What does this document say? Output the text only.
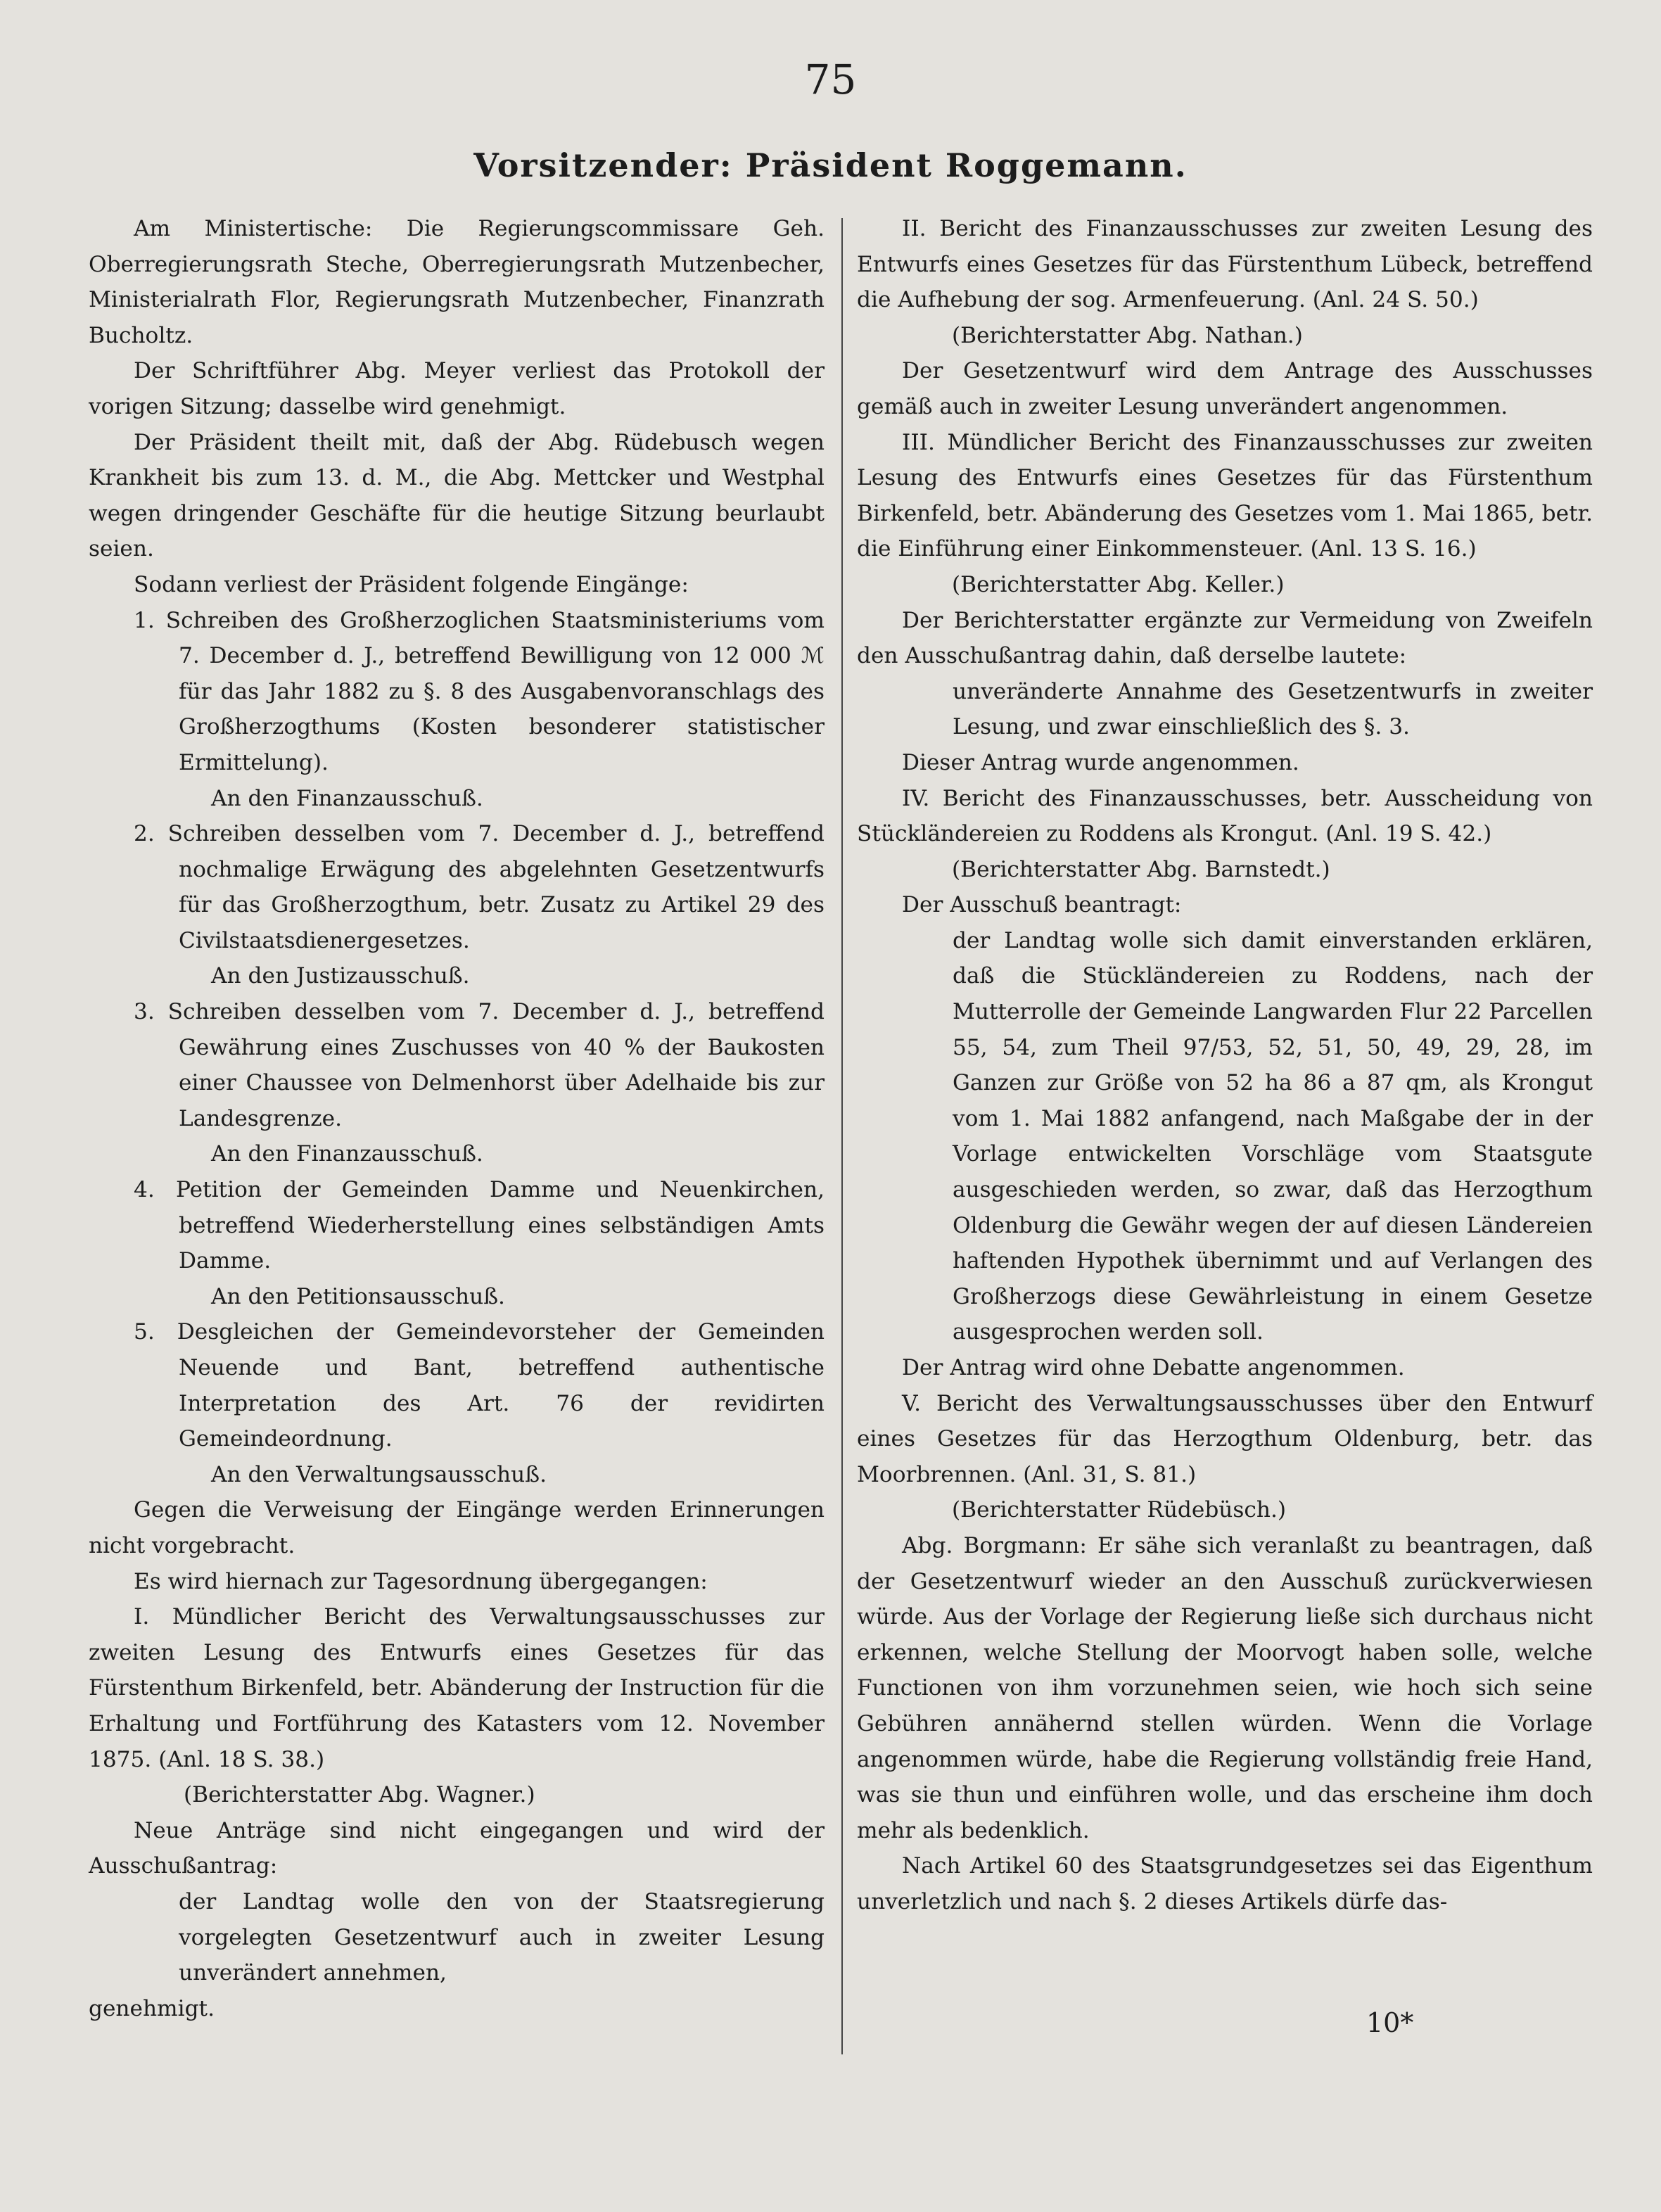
75
Vorsitzender: Präsident Roggemann.

Am Ministertische: Die Regierungscommissare Geh. Oberregierungsrath Steche, Oberregierungsrath Mutzenbecher, Ministerialrath Flor, Regierungsrath Mutzenbecher, Finanzrath Bucholtz.

Der Schriftführer Abg. Meyer verliest das Protokoll der vorigen Sitzung; dasselbe wird genehmigt.

Der Präsident theilt mit, daß der Abg. Rüdebusch wegen Krankheit bis zum 13. d. M., die Abg. Mettcker und Westphal wegen dringender Geschäfte für die heutige Sitzung beurlaubt seien.

Sodann verliest der Präsident folgende Eingänge:

1. Schreiben des Großherzoglichen Staatsministeriums vom 7. December d. J., betreffend Bewilligung von 12 000 ℳ für das Jahr 1882 zu §. 8 des Ausgabenvoranschlags des Großherzogthums (Kosten besonderer statistischer Ermittelung).

An den Finanzausschuß.

2. Schreiben desselben vom 7. December d. J., betreffend nochmalige Erwägung des abgelehnten Gesetzentwurfs für das Großherzogthum, betr. Zusatz zu Artikel 29 des Civilstaatsdienergesetzes.

An den Justizausschuß.

3. Schreiben desselben vom 7. December d. J., betreffend Gewährung eines Zuschusses von 40 % der Baukosten einer Chaussee von Delmenhorst über Adelhaide bis zur Landesgrenze.

An den Finanzausschuß.

4. Petition der Gemeinden Damme und Neuenkirchen, betreffend Wiederherstellung eines selbständigen Amts Damme.

An den Petitionsausschuß.

5. Desgleichen der Gemeindevorsteher der Gemeinden Neuende und Bant, betreffend authentische Interpretation des Art. 76 der revidirten Gemeindeordnung.

An den Verwaltungsausschuß.

Gegen die Verweisung der Eingänge werden Erinnerungen nicht vorgebracht.

Es wird hiernach zur Tagesordnung übergegangen:

I. Mündlicher Bericht des Verwaltungsausschusses zur zweiten Lesung des Entwurfs eines Gesetzes für das Fürstenthum Birkenfeld, betr. Abänderung der Instruction für die Erhaltung und Fortführung des Katasters vom 12. November 1875. (Anl. 18 S. 38.)

(Berichterstatter Abg. Wagner.)

Neue Anträge sind nicht eingegangen und wird der Ausschußantrag:

der Landtag wolle den von der Staatsregierung vorgelegten Gesetzentwurf auch in zweiter Lesung unverändert annehmen,

genehmigt.

II. Bericht des Finanzausschusses zur zweiten Lesung des Entwurfs eines Gesetzes für das Fürstenthum Lübeck, betreffend die Aufhebung der sog. Armenfeuerung. (Anl. 24 S. 50.)

(Berichterstatter Abg. Nathan.)

Der Gesetzentwurf wird dem Antrage des Ausschusses gemäß auch in zweiter Lesung unverändert angenommen.

III. Mündlicher Bericht des Finanzausschusses zur zweiten Lesung des Entwurfs eines Gesetzes für das Fürstenthum Birkenfeld, betr. Abänderung des Gesetzes vom 1. Mai 1865, betr. die Einführung einer Einkommensteuer. (Anl. 13 S. 16.)

(Berichterstatter Abg. Keller.)

Der Berichterstatter ergänzte zur Vermeidung von Zweifeln den Ausschußantrag dahin, daß derselbe lautete:

unveränderte Annahme des Gesetzentwurfs in zweiter Lesung, und zwar einschließlich des §. 3.

Dieser Antrag wurde angenommen.

IV. Bericht des Finanzausschusses, betr. Ausscheidung von Stückländereien zu Roddens als Krongut. (Anl. 19 S. 42.)

(Berichterstatter Abg. Barnstedt.)

Der Ausschuß beantragt:

der Landtag wolle sich damit einverstanden erklären, daß die Stückländereien zu Roddens, nach der Mutterrolle der Gemeinde Langwarden Flur 22 Parcellen 55, 54, zum Theil 97/53, 52, 51, 50, 49, 29, 28, im Ganzen zur Größe von 52 ha 86 a 87 qm, als Krongut vom 1. Mai 1882 anfangend, nach Maßgabe der in der Vorlage entwickelten Vorschläge vom Staatsgute ausgeschieden werden, so zwar, daß das Herzogthum Oldenburg die Gewähr wegen der auf diesen Ländereien haftenden Hypothek übernimmt und auf Verlangen des Großherzogs diese Gewährleistung in einem Gesetze ausgesprochen werden soll.

Der Antrag wird ohne Debatte angenommen.

V. Bericht des Verwaltungsausschusses über den Entwurf eines Gesetzes für das Herzogthum Oldenburg, betr. das Moorbrennen. (Anl. 31, S. 81.)

(Berichterstatter Rüdebüsch.)

Abg. Borgmann: Er sähe sich veranlaßt zu beantragen, daß der Gesetzentwurf wieder an den Ausschuß zurückverwiesen würde. Aus der Vorlage der Regierung ließe sich durchaus nicht erkennen, welche Stellung der Moorvogt haben solle, welche Functionen von ihm vorzunehmen seien, wie hoch sich seine Gebühren annähernd stellen würden. Wenn die Vorlage angenommen würde, habe die Regierung vollständig freie Hand, was sie thun und einführen wolle, und das erscheine ihm doch mehr als bedenklich.

Nach Artikel 60 des Staatsgrundgesetzes sei das Eigenthum unverletzlich und nach §. 2 dieses Artikels dürfe das-

10*
